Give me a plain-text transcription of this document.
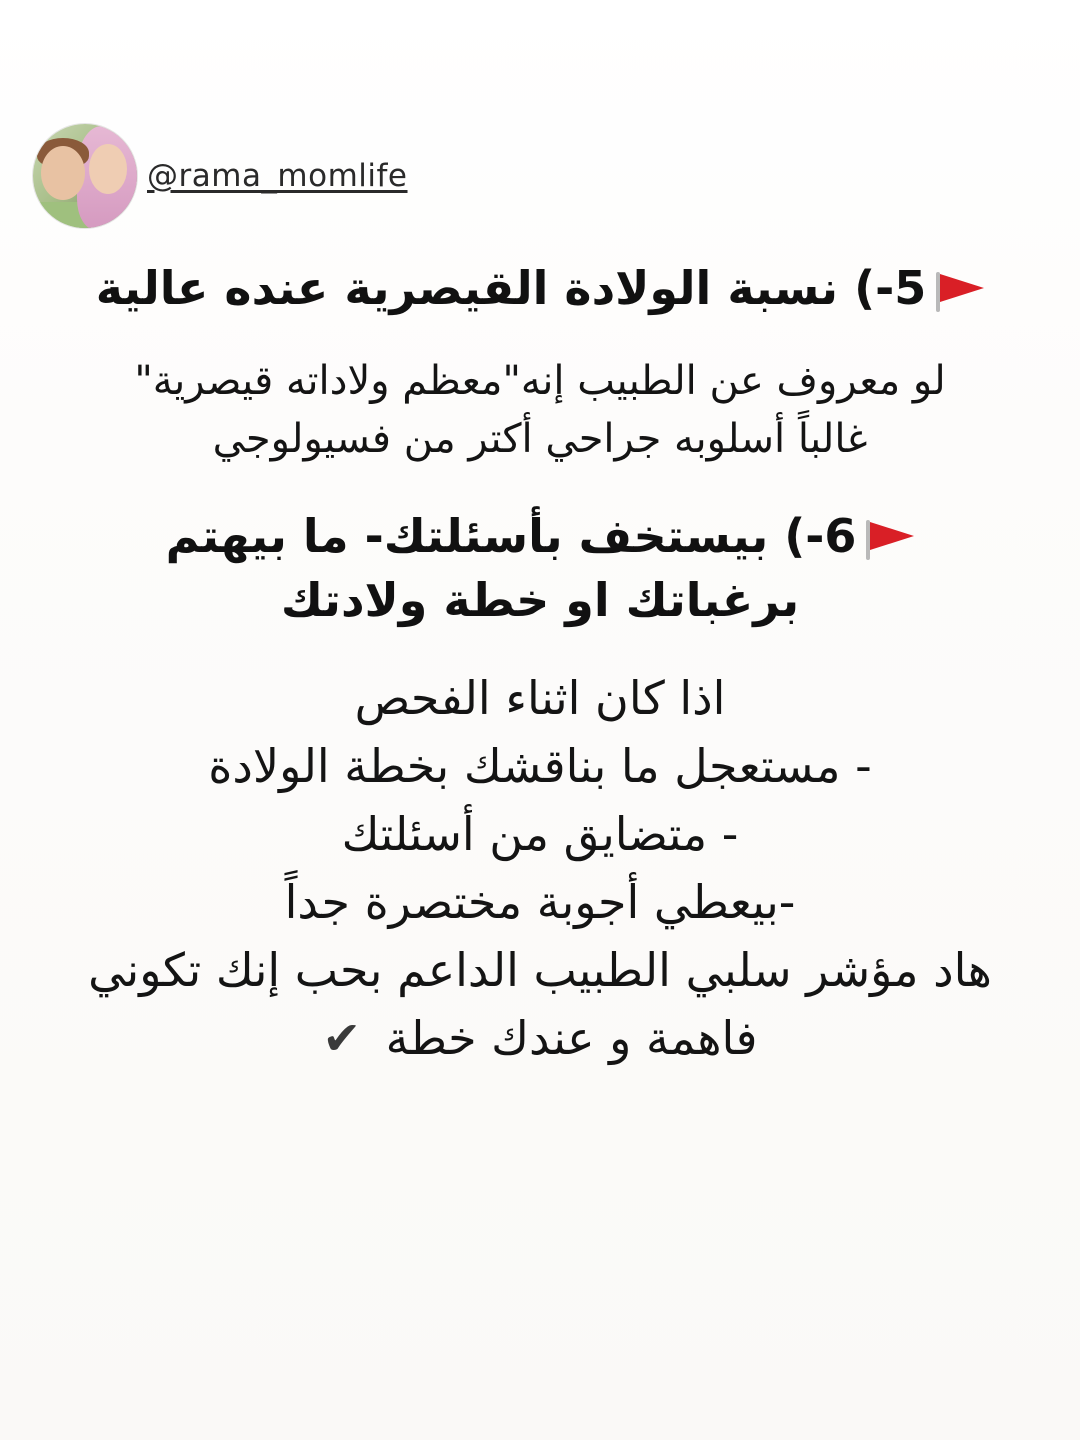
@rama_momlife
5-) نسبة الولادة القيصرية عنده عالية
لو معروف عن الطبيب إنه"معظم ولاداته قيصرية"
غالباً أسلوبه جراحي أكتر من فسيولوجي
6-) بيستخف بأسئلتك- ما بيهتم
برغباتك او خطة ولادتك
اذا كان اثناء الفحص
- مستعجل ما بناقشك بخطة الولادة
- متضايق من أسئلتك
-بيعطي أجوبة مختصرة جداً
هاد مؤشر سلبي الطبيب الداعم بحب إنك تكوني
فاهمة و عندك خطة ✔
